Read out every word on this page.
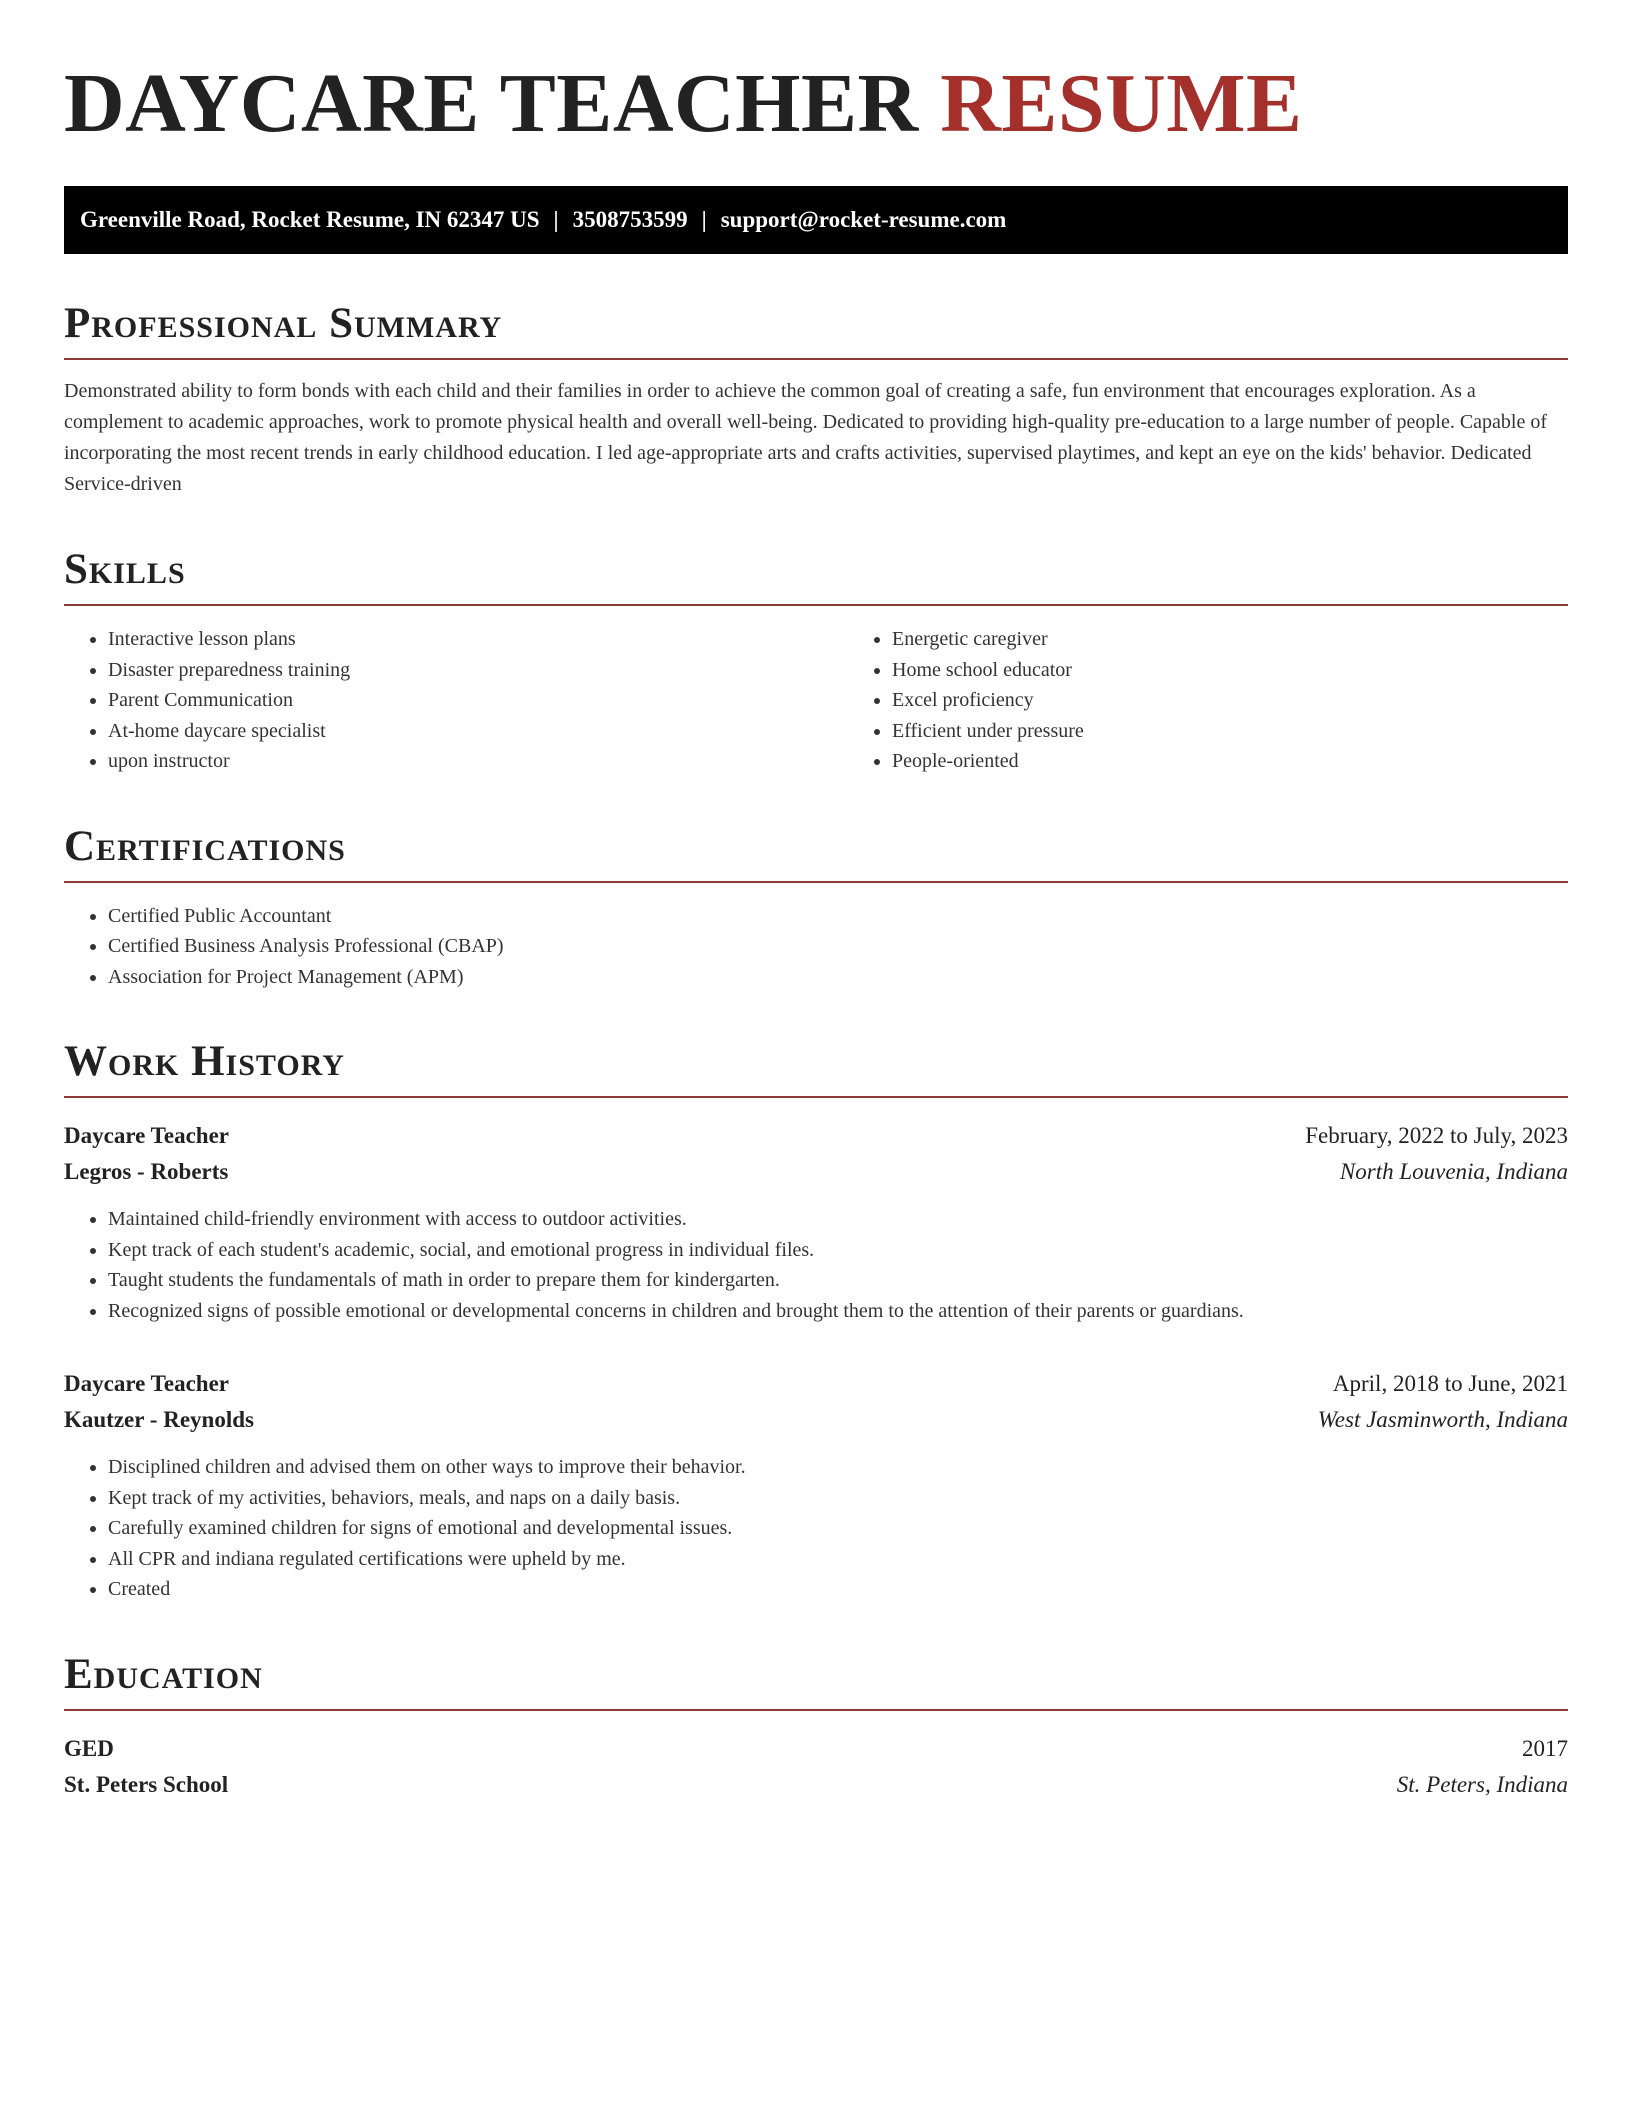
DAYCARE TEACHER RESUME
Greenville Road, Rocket Resume, IN 62347 US | 3508753599 | support@rocket-resume.com
Professional Summary

Demonstrated ability to form bonds with each child and their families in order to achieve the common goal of creating a safe, fun environment that encourages exploration. As a complement to academic approaches, work to promote physical health and overall well-being. Dedicated to providing high-quality pre-education to a large number of people. Capable of incorporating the most recent trends in early childhood education. I led age-appropriate arts and crafts activities, supervised playtimes, and kept an eye on the kids' behavior. Dedicated Service-driven

Skills
• Interactive lesson plans
• Disaster preparedness training
• Parent Communication
• At-home daycare specialist
• upon instructor
• Energetic caregiver
• Home school educator
• Excel proficiency
• Efficient under pressure
• People-oriented
Certifications
• Certified Public Accountant
• Certified Business Analysis Professional (CBAP)
• Association for Project Management (APM)
Work History
Daycare Teacher	February, 2022 to July, 2023
Legros - Roberts	North Louvenia, Indiana
• Maintained child-friendly environment with access to outdoor activities.
• Kept track of each student's academic, social, and emotional progress in individual files.
• Taught students the fundamentals of math in order to prepare them for kindergarten.
• Recognized signs of possible emotional or developmental concerns in children and brought them to the attention of their parents or guardians.
Daycare Teacher	April, 2018 to June, 2021
Kautzer - Reynolds	West Jasminworth, Indiana
• Disciplined children and advised them on other ways to improve their behavior.
• Kept track of my activities, behaviors, meals, and naps on a daily basis.
• Carefully examined children for signs of emotional and developmental issues.
• All CPR and indiana regulated certifications were upheld by me.
• Created
Education
GED	2017
St. Peters School	St. Peters, Indiana
